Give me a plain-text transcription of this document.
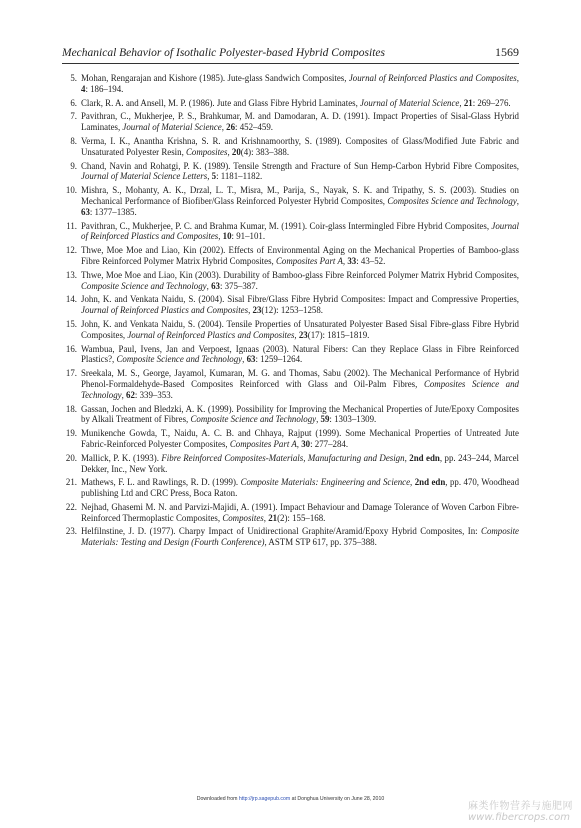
Mechanical Behavior of Isothalic Polyester-based Hybrid Composites	1569
5. Mohan, Rengarajan and Kishore (1985). Jute-glass Sandwich Composites, Journal of Reinforced Plastics and Composites, 4: 186–194.
6. Clark, R. A. and Ansell, M. P. (1986). Jute and Glass Fibre Hybrid Laminates, Journal of Material Science, 21: 269–276.
7. Pavithran, C., Mukherjee, P. S., Brahkumar, M. and Damodaran, A. D. (1991). Impact Properties of Sisal-Glass Hybrid Laminates, Journal of Material Science, 26: 452–459.
8. Verma, I. K., Anantha Krishna, S. R. and Krishnamoorthy, S. (1989). Composites of Glass/Modified Jute Fabric and Unsaturated Polyester Resin, Composites, 20(4): 383–388.
9. Chand, Navin and Rohatgi, P. K. (1989). Tensile Strength and Fracture of Sun Hemp-Carbon Hybrid Fibre Composites, Journal of Material Science Letters, 5: 1181–1182.
10. Mishra, S., Mohanty, A. K., Drzal, L. T., Misra, M., Parija, S., Nayak, S. K. and Tripathy, S. S. (2003). Studies on Mechanical Performance of Biofiber/Glass Reinforced Polyester Hybrid Composites, Composites Science and Technology, 63: 1377–1385.
11. Pavithran, C., Mukherjee, P. C. and Brahma Kumar, M. (1991). Coir-glass Intermingled Fibre Hybrid Composites, Journal of Reinforced Plastics and Composites, 10: 91–101.
12. Thwe, Moe Moe and Liao, Kin (2002). Effects of Environmental Aging on the Mechanical Properties of Bamboo-glass Fibre Reinforced Polymer Matrix Hybrid Composites, Composites Part A, 33: 43–52.
13. Thwe, Moe Moe and Liao, Kin (2003). Durability of Bamboo-glass Fibre Reinforced Polymer Matrix Hybrid Composites, Composite Science and Technology, 63: 375–387.
14. John, K. and Venkata Naidu, S. (2004). Sisal Fibre/Glass Fibre Hybrid Composites: Impact and Compressive Properties, Journal of Reinforced Plastics and Composites, 23(12): 1253–1258.
15. John, K. and Venkata Naidu, S. (2004). Tensile Properties of Unsaturated Polyester Based Sisal Fibre-glass Fibre Hybrid Composites, Journal of Reinforced Plastics and Composites, 23(17): 1815–1819.
16. Wambua, Paul, Ivens, Jan and Verpoest, Ignaas (2003). Natural Fibers: Can they Replace Glass in Fibre Reinforced Plastics?, Composite Science and Technology, 63: 1259–1264.
17. Sreekala, M. S., George, Jayamol, Kumaran, M. G. and Thomas, Sabu (2002). The Mechanical Performance of Hybrid Phenol-Formaldehyde-Based Composites Reinforced with Glass and Oil-Palm Fibres, Composites Science and Technology, 62: 339–353.
18. Gassan, Jochen and Bledzki, A. K. (1999). Possibility for Improving the Mechanical Properties of Jute/Epoxy Composites by Alkali Treatment of Fibres, Composite Science and Technology, 59: 1303–1309.
19. Munikenche Gowda, T., Naidu, A. C. B. and Chhaya, Rajput (1999). Some Mechanical Properties of Untreated Jute Fabric-Reinforced Polyester Composites, Composites Part A, 30: 277–284.
20. Mallick, P. K. (1993). Fibre Reinforced Composites-Materials, Manufacturing and Design, 2nd edn, pp. 243–244, Marcel Dekker, Inc., New York.
21. Mathews, F. L. and Rawlings, R. D. (1999). Composite Materials: Engineering and Science, 2nd edn, pp. 470, Woodhead publishing Ltd and CRC Press, Boca Raton.
22. Nejhad, Ghasemi M. N. and Parvizi-Majidi, A. (1991). Impact Behaviour and Damage Tolerance of Woven Carbon Fibre-Reinforced Thermoplastic Composites, Composites, 21(2): 155–168.
23. Helfilnstine, J. D. (1977). Charpy Impact of Unidirectional Graphite/Aramid/Epoxy Hybrid Composites, In: Composite Materials: Testing and Design (Fourth Conference), ASTM STP 617, pp. 375–388.
Downloaded from http://jrp.sagepub.com at Donghua University on June 28, 2010
麻类作物营养与施肥网
www.fibercrops.com
